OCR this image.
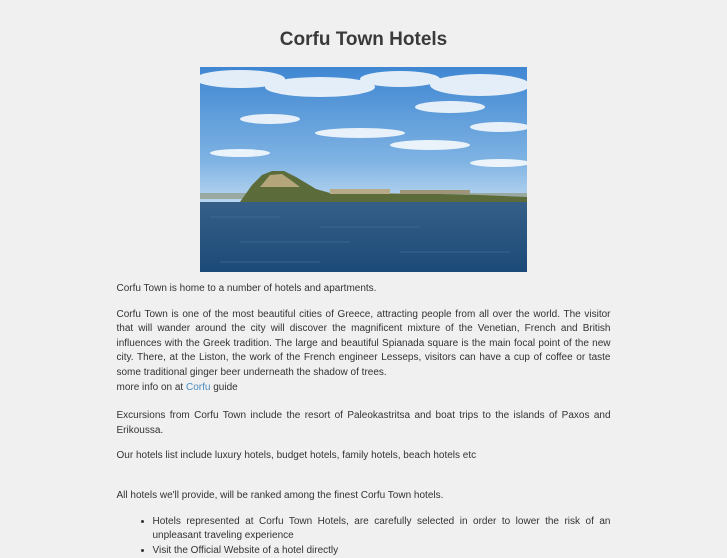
Corfu Town Hotels

Corfu Town is home to a number of hotels and apartments.

Corfu Town is one of the most beautiful cities of Greece, attracting people from all over the world. The visitor that will wander around the city will discover the magnificent mixture of the Venetian, French and British influences with the Greek tradition. The large and beautiful Spianada square is the main focal point of the new city. There, at the Liston, the work of the French engineer Lesseps, visitors can have a cup of coffee or taste some traditional ginger beer underneath the shadow of trees.

more info on at Corfu guide

Excursions from Corfu Town include the resort of Paleokastritsa and boat trips to the islands of Paxos and Erikoussa.

Our hotels list include luxury hotels, budget hotels, family hotels, beach hotels etc

All hotels we'll provide, will be ranked among the finest Corfu Town hotels.

• Hotels represented at Corfu Town Hotels, are carefully selected in order to lower the risk of an unpleasant traveling experience
• Visit the Official Website of a hotel directly
